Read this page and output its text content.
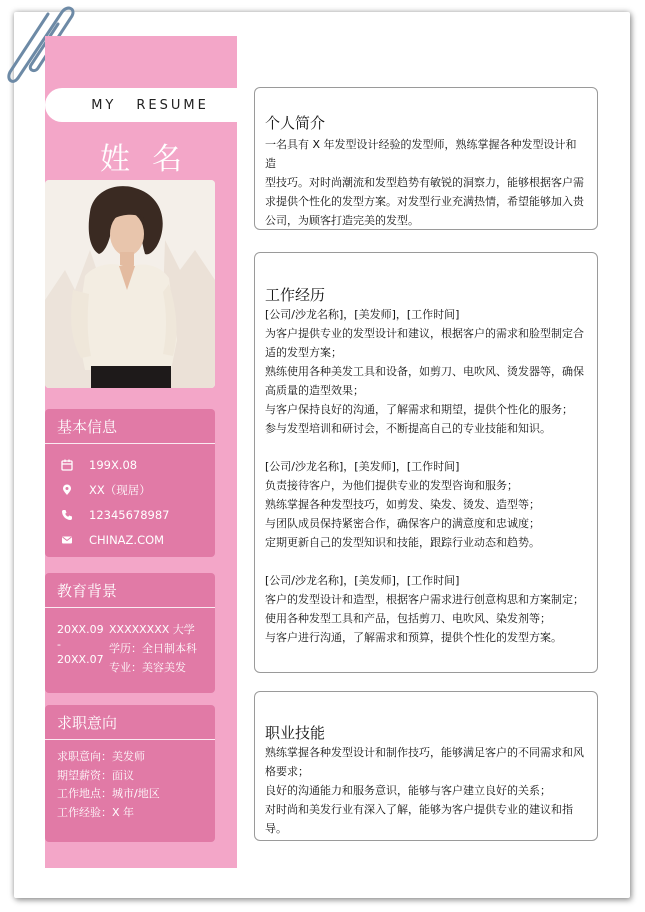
MY RESUME
姓名
基本信息
199X.08
XX（现居）
12345678987
CHINAZ.COM
教育背景
20XX.09
-
20XX.07
XXXXXXXX 大学
学历：全日制本科
专业：美容美发
求职意向
求职意向：美发师
期望薪资：面议
工作地点：城市/地区
工作经验：X 年
个人简介
一名具有 X 年发型设计经验的发型师，熟练掌握各种发型设计和造
型技巧。对时尚潮流和发型趋势有敏锐的洞察力，能够根据客户需
求提供个性化的发型方案。对发型行业充满热情，希望能够加入贵
公司，为顾客打造完美的发型。
工作经历
[公司/沙龙名称]，[美发师]，[工作时间]
为客户提供专业的发型设计和建议，根据客户的需求和脸型制定合
适的发型方案；
熟练使用各种美发工具和设备，如剪刀、电吹风、烫发器等，确保
高质量的造型效果；
与客户保持良好的沟通，了解需求和期望，提供个性化的服务；
参与发型培训和研讨会，不断提高自己的专业技能和知识。
[公司/沙龙名称]，[美发师]，[工作时间]
负责接待客户，为他们提供专业的发型咨询和服务；
熟练掌握各种发型技巧，如剪发、染发、烫发、造型等；
与团队成员保持紧密合作，确保客户的满意度和忠诚度；
定期更新自己的发型知识和技能，跟踪行业动态和趋势。
[公司/沙龙名称]，[美发师]，[工作时间]
客户的发型设计和造型，根据客户需求进行创意构思和方案制定；
使用各种发型工具和产品，包括剪刀、电吹风、染发剂等；
与客户进行沟通，了解需求和预算，提供个性化的发型方案。
职业技能
熟练掌握各种发型设计和制作技巧，能够满足客户的不同需求和风
格要求；
良好的沟通能力和服务意识，能够与客户建立良好的关系；
对时尚和美发行业有深入了解，能够为客户提供专业的建议和指导。
